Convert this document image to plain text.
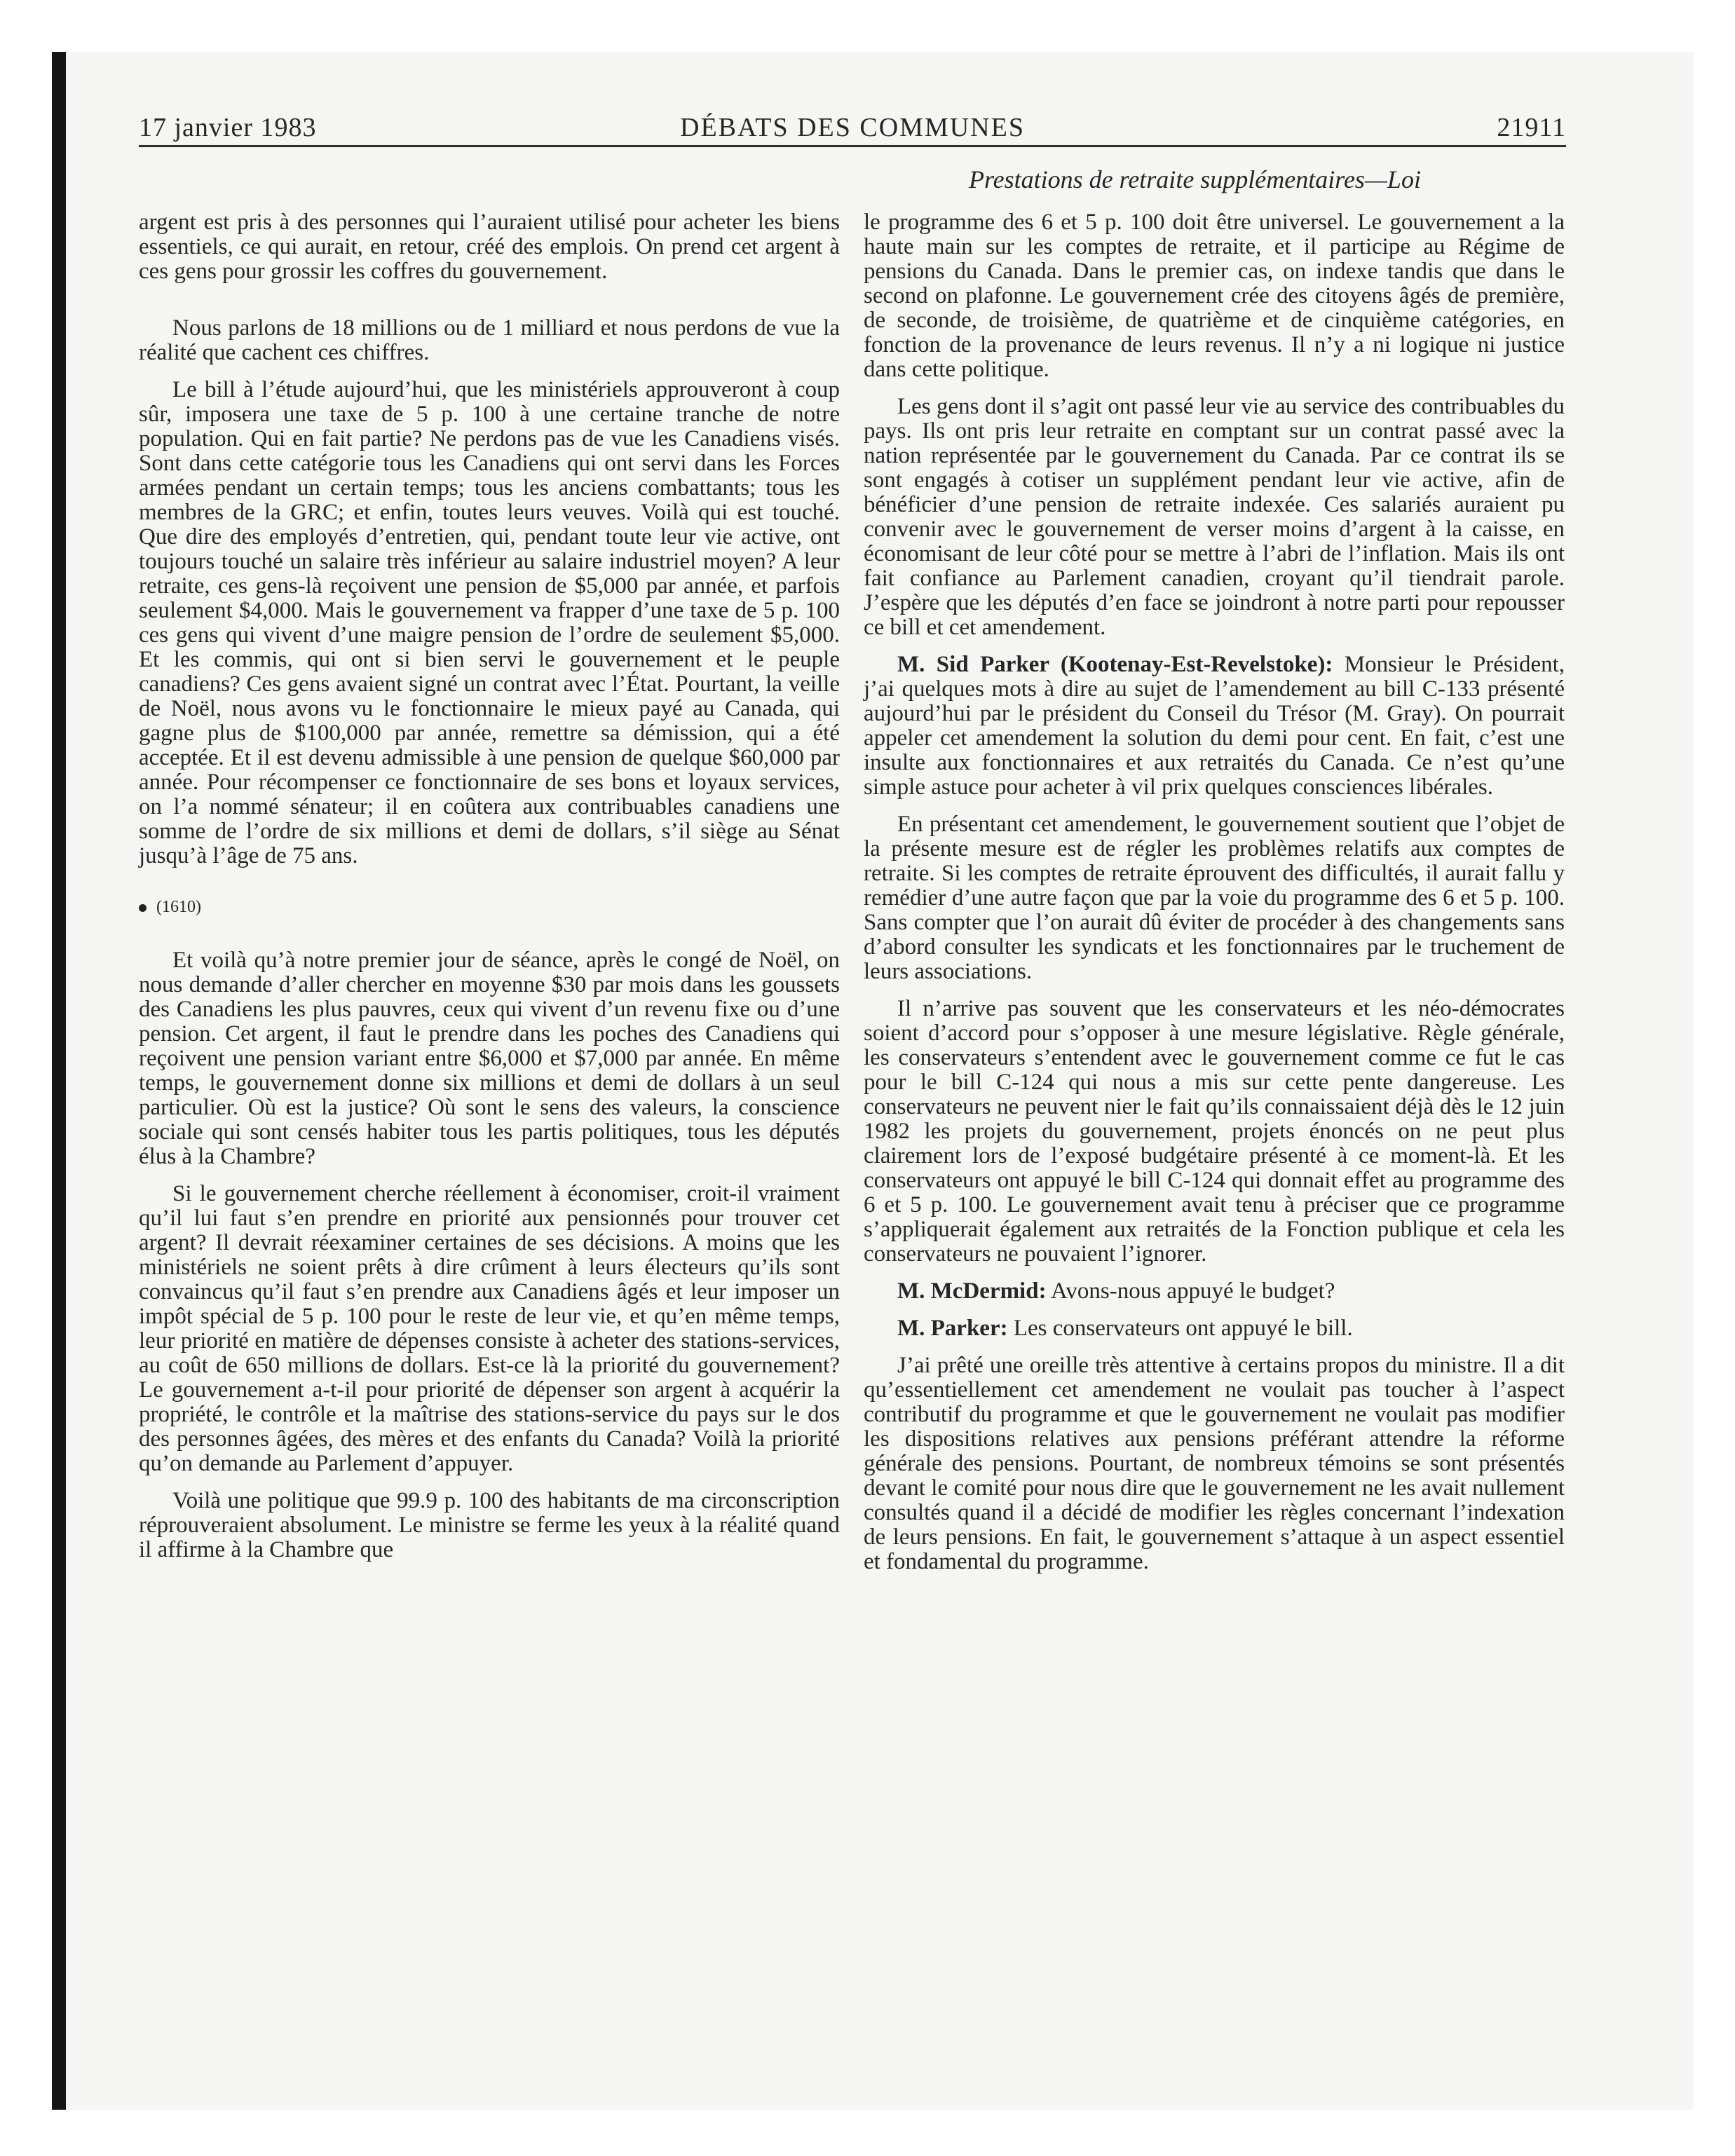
DÉBATS DES COMMUNES
17 janvier 1983	21911
Prestations de retraite supplémentaires—Loi

argent est pris à des personnes qui l’auraient utilisé pour acheter les biens essentiels, ce qui aurait, en retour, créé des emplois. On prend cet argent à ces gens pour grossir les coffres du gouvernement.

Nous parlons de 18 millions ou de 1 milliard et nous perdons de vue la réalité que cachent ces chiffres.

Le bill à l’étude aujourd’hui, que les ministériels approuveront à coup sûr, imposera une taxe de 5 p. 100 à une certaine tranche de notre population. Qui en fait partie? Ne perdons pas de vue les Canadiens visés. Sont dans cette catégorie tous les Canadiens qui ont servi dans les Forces armées pendant un certain temps; tous les anciens combattants; tous les membres de la GRC; et enfin, toutes leurs veuves. Voilà qui est touché. Que dire des employés d’entretien, qui, pendant toute leur vie active, ont toujours touché un salaire très inférieur au salaire industriel moyen? A leur retraite, ces gens-là reçoivent une pension de $5,000 par année, et parfois seulement $4,000. Mais le gouvernement va frapper d’une taxe de 5 p. 100 ces gens qui vivent d’une maigre pension de l’ordre de seulement $5,000. Et les commis, qui ont si bien servi le gouvernement et le peuple canadiens? Ces gens avaient signé un contrat avec l’État. Pourtant, la veille de Noël, nous avons vu le fonctionnaire le mieux payé au Canada, qui gagne plus de $100,000 par année, remettre sa démission, qui a été acceptée. Et il est devenu admissible à une pension de quelque $60,000 par année. Pour récompenser ce fonctionnaire de ses bons et loyaux services, on l’a nommé sénateur; il en coûtera aux contribuables canadiens une somme de l’ordre de six millions et demi de dollars, s’il siège au Sénat jusqu’à l’âge de 75 ans.

(1610)

Et voilà qu’à notre premier jour de séance, après le congé de Noël, on nous demande d’aller chercher en moyenne $30 par mois dans les goussets des Canadiens les plus pauvres, ceux qui vivent d’un revenu fixe ou d’une pension. Cet argent, il faut le prendre dans les poches des Canadiens qui reçoivent une pension variant entre $6,000 et $7,000 par année. En même temps, le gouvernement donne six millions et demi de dollars à un seul particulier. Où est la justice? Où sont le sens des valeurs, la conscience sociale qui sont censés habiter tous les partis politiques, tous les députés élus à la Chambre?

Si le gouvernement cherche réellement à économiser, croit-il vraiment qu’il lui faut s’en prendre en priorité aux pensionnés pour trouver cet argent? Il devrait réexaminer certaines de ses décisions. A moins que les ministériels ne soient prêts à dire crûment à leurs électeurs qu’ils sont convaincus qu’il faut s’en prendre aux Canadiens âgés et leur imposer un impôt spécial de 5 p. 100 pour le reste de leur vie, et qu’en même temps, leur priorité en matière de dépenses consiste à acheter des stations-services, au coût de 650 millions de dollars. Est-ce là la priorité du gouvernement? Le gouvernement a-t-il pour priorité de dépenser son argent à acquérir la propriété, le contrôle et la maîtrise des stations-service du pays sur le dos des personnes âgées, des mères et des enfants du Canada? Voilà la priorité qu’on demande au Parlement d’appuyer.

Voilà une politique que 99.9 p. 100 des habitants de ma circonscription réprouveraient absolument. Le ministre se ferme les yeux à la réalité quand il affirme à la Chambre que

le programme des 6 et 5 p. 100 doit être universel. Le gouvernement a la haute main sur les comptes de retraite, et il participe au Régime de pensions du Canada. Dans le premier cas, on indexe tandis que dans le second on plafonne. Le gouvernement crée des citoyens âgés de première, de seconde, de troisième, de quatrième et de cinquième catégories, en fonction de la provenance de leurs revenus. Il n’y a ni logique ni justice dans cette politique.

Les gens dont il s’agit ont passé leur vie au service des contribuables du pays. Ils ont pris leur retraite en comptant sur un contrat passé avec la nation représentée par le gouvernement du Canada. Par ce contrat ils se sont engagés à cotiser un supplément pendant leur vie active, afin de bénéficier d’une pension de retraite indexée. Ces salariés auraient pu convenir avec le gouvernement de verser moins d’argent à la caisse, en économisant de leur côté pour se mettre à l’abri de l’inflation. Mais ils ont fait confiance au Parlement canadien, croyant qu’il tiendrait parole. J’espère que les députés d’en face se joindront à notre parti pour repousser ce bill et cet amendement.

M. Sid Parker (Kootenay-Est-Revelstoke): Monsieur le Président, j’ai quelques mots à dire au sujet de l’amendement au bill C-133 présenté aujourd’hui par le président du Conseil du Trésor (M. Gray). On pourrait appeler cet amendement la solution du demi pour cent. En fait, c’est une insulte aux fonctionnaires et aux retraités du Canada. Ce n’est qu’une simple astuce pour acheter à vil prix quelques consciences libérales.

En présentant cet amendement, le gouvernement soutient que l’objet de la présente mesure est de régler les problèmes relatifs aux comptes de retraite. Si les comptes de retraite éprouvent des difficultés, il aurait fallu y remédier d’une autre façon que par la voie du programme des 6 et 5 p. 100. Sans compter que l’on aurait dû éviter de procéder à des changements sans d’abord consulter les syndicats et les fonctionnaires par le truchement de leurs associations.

Il n’arrive pas souvent que les conservateurs et les néo-démocrates soient d’accord pour s’opposer à une mesure législative. Règle générale, les conservateurs s’entendent avec le gouvernement comme ce fut le cas pour le bill C-124 qui nous a mis sur cette pente dangereuse. Les conservateurs ne peuvent nier le fait qu’ils connaissaient déjà dès le 12 juin 1982 les projets du gouvernement, projets énoncés on ne peut plus clairement lors de l’exposé budgétaire présenté à ce moment-là. Et les conservateurs ont appuyé le bill C-124 qui donnait effet au programme des 6 et 5 p. 100. Le gouvernement avait tenu à préciser que ce programme s’appliquerait également aux retraités de la Fonction publique et cela les conservateurs ne pouvaient l’ignorer.

M. McDermid: Avons-nous appuyé le budget?

M. Parker: Les conservateurs ont appuyé le bill.

J’ai prêté une oreille très attentive à certains propos du ministre. Il a dit qu’essentiellement cet amendement ne voulait pas toucher à l’aspect contributif du programme et que le gouvernement ne voulait pas modifier les dispositions relatives aux pensions préférant attendre la réforme générale des pensions. Pourtant, de nombreux témoins se sont présentés devant le comité pour nous dire que le gouvernement ne les avait nullement consultés quand il a décidé de modifier les règles concernant l’indexation de leurs pensions. En fait, le gouvernement s’attaque à un aspect essentiel et fondamental du programme.
